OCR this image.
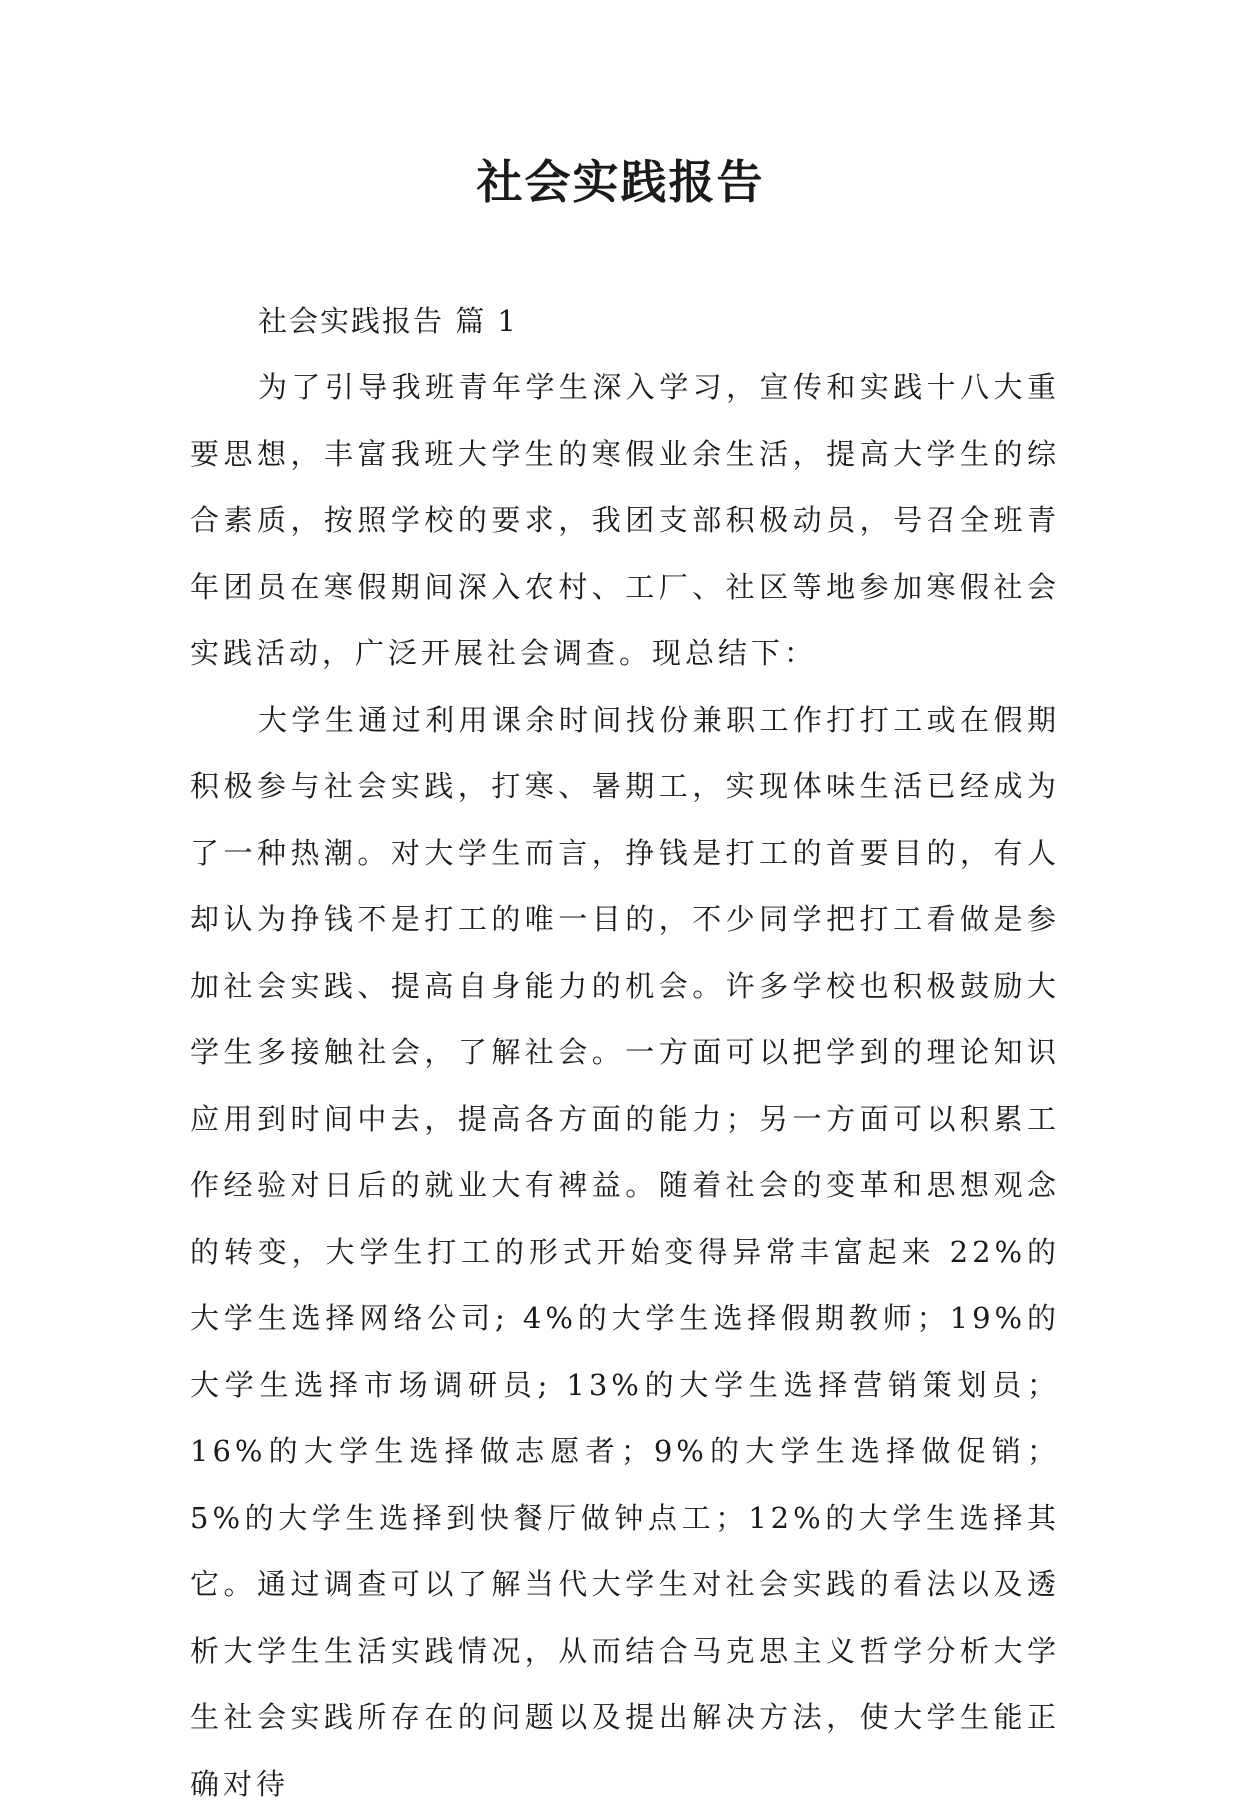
社会实践报告

社会实践报告 篇 1

为了引导我班青年学生深入学习，宣传和实践十八大重要思想，丰富我班大学生的寒假业余生活，提高大学生的综合素质，按照学校的要求，我团支部积极动员，号召全班青年团员在寒假期间深入农村、工厂、社区等地参加寒假社会实践活动，广泛开展社会调查。现总结下：

大学生通过利用课余时间找份兼职工作打打工或在假期积极参与社会实践，打寒、暑期工，实现体味生活已经成为了一种热潮。对大学生而言，挣钱是打工的首要目的，有人却认为挣钱不是打工的唯一目的，不少同学把打工看做是参加社会实践、提高自身能力的机会。许多学校也积极鼓励大学生多接触社会，了解社会。一方面可以把学到的理论知识应用到时间中去，提高各方面的能力；另一方面可以积累工作经验对日后的就业大有裨益。随着社会的变革和思想观念的转变，大学生打工的形式开始变得异常丰富起来 22%的大学生选择网络公司; 4%的大学生选择假期教师；19%的大学生选择市场调研员; 13%的大学生选择营销策划员；16%的大学生选择做志愿者；9%的大学生选择做促销；5%的大学生选择到快餐厅做钟点工；12%的大学生选择其它。通过调查可以了解当代大学生对社会实践的看法以及透析大学生生活实践情况，从而结合马克思主义哲学分析大学生社会实践所存在的问题以及提出解决方法，使大学生能正确对待
